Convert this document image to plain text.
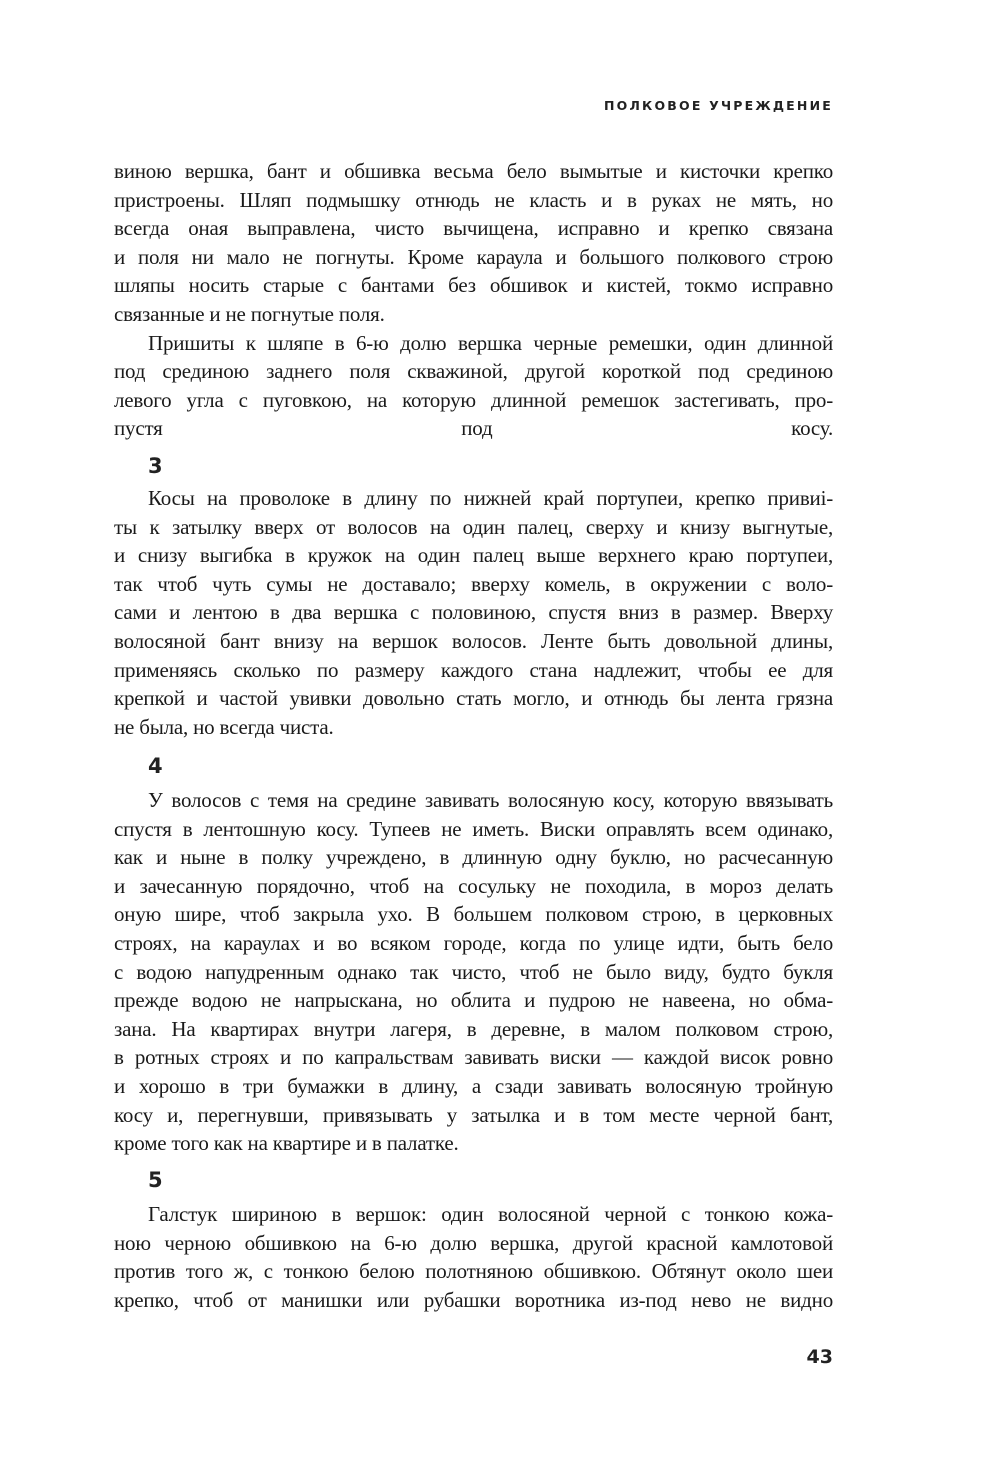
ПОЛКОВОЕ УЧРЕЖДЕНИЕ
виною вершка, бант и обшивка весьма бело вымытые и кисточки крепко
пристроены. Шляп подмышку отнюдь не класть и в руках не мять, но
всегда оная выправлена, чисто вычищена, исправно и крепко связана
и поля ни мало не погнуты. Кроме караула и большого полкового строю
шляпы носить старые с бантами без обшивок и кистей, токмо исправно
связанные и не погнутые поля.
Пришиты к шляпе в 6-ю долю вершка черные ремешки, один длинной
под срединою заднего поля скважиной, другой короткой под срединою
левого угла с пуговкою, на которую длинной ремешок застегивать, про-
пустя под косу.
3
Косы на проволоке в длину по нижней край портупеи, крепко привиi-
ты к затылку вверх от волосов на один палец, сверху и книзу выгнутые,
и снизу выгибка в кружок на один палец выше верхнего краю портупеи,
так чтоб чуть сумы не доставало; вверху комель, в окружении с воло-
сами и лентою в два вершка с половиною, спустя вниз в размер. Вверху
волосяной бант внизу на вершок волосов. Ленте быть довольной длины,
применяясь сколько по размеру каждого стана надлежит, чтобы ее для
крепкой и частой увивки довольно стать могло, и отнюдь бы лента грязна
не была, но всегда чиста.
4
У волосов с темя на средине завивать волосяную косу, которую ввязывать
спустя в лентошную косу. Тупеев не иметь. Виски оправлять всем одинако,
как и ныне в полку учреждено, в длинную одну буклю, но расчесанную
и зачесанную порядочно, чтоб на сосульку не походила, в мороз делать
оную шире, чтоб закрыла ухо. В большем полковом строю, в церковных
строях, на караулах и во всяком городе, когда по улице идти, быть бело
с водою напудренным однако так чисто, чтоб не было виду, будто букля
прежде водою не напрыскана, но облита и пудрою не навеена, но обма-
зана. На квартирах внутри лагеря, в деревне, в малом полковом строю,
в ротных строях и по капральствам завивать виски — каждой висок ровно
и хорошо в три бумажки в длину, а сзади завивать волосяную тройную
косу и, перегнувши, привязывать у затылка и в том месте черной бант,
кроме того как на квартире и в палатке.
5
Галстук шириною в вершок: один волосяной черной с тонкою кожа-
ною черною обшивкою на 6-ю долю вершка, другой красной камлотовой
против того ж, с тонкою белою полотняною обшивкою. Обтянут около шеи
крепко, чтоб от манишки или рубашки воротника из-под нево не видно
43
